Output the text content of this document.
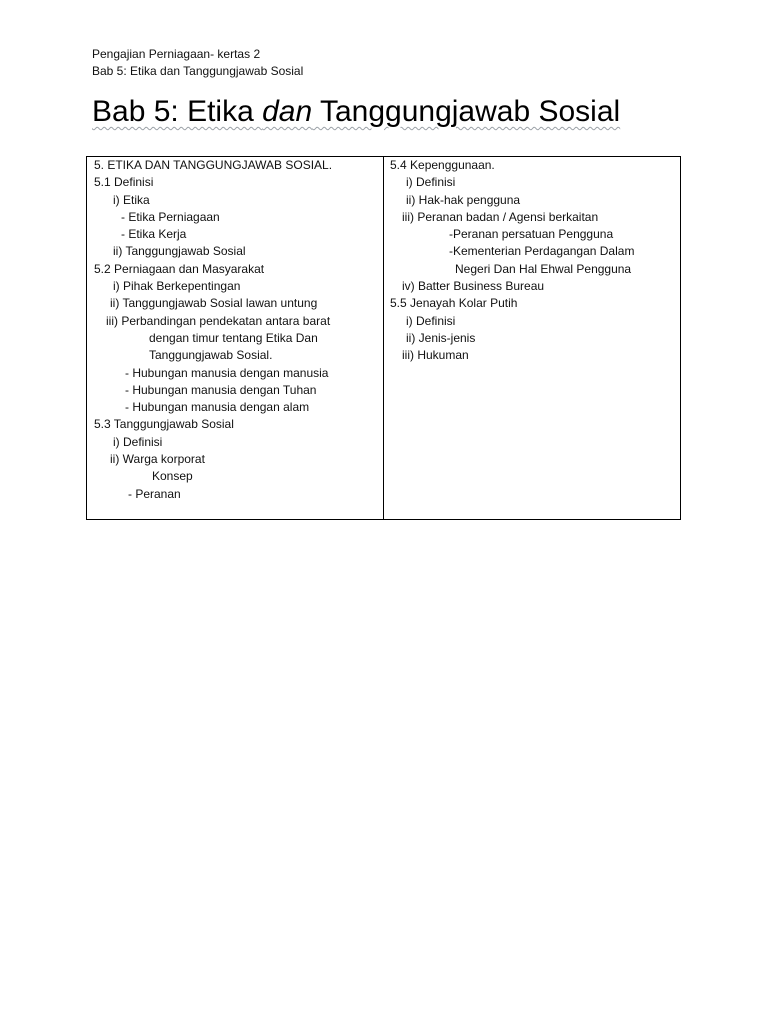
Pengajian Perniagaan- kertas 2
Bab 5: Etika dan Tanggungjawab Sosial
Bab 5: Etika dan Tanggungjawab Sosial
5. ETIKA DAN TANGGUNGJAWAB SOSIAL.
5.1 Definisi
i) Etika
- Etika Perniagaan
- Etika Kerja
ii) Tanggungjawab Sosial
5.2 Perniagaan dan Masyarakat
i) Pihak Berkepentingan
ii) Tanggungjawab Sosial lawan untung
iii) Perbandingan pendekatan antara barat
dengan timur tentang Etika Dan
Tanggungjawab Sosial.
- Hubungan manusia dengan manusia
- Hubungan manusia dengan Tuhan
- Hubungan manusia dengan alam
5.3 Tanggungjawab Sosial
i) Definisi
ii) Warga korporat
Konsep
- Peranan
5.4 Kepenggunaan.
i) Definisi
ii) Hak-hak pengguna
iii) Peranan badan / Agensi berkaitan
-Peranan persatuan Pengguna
-Kementerian Perdagangan Dalam
Negeri Dan Hal Ehwal Pengguna
iv) Batter Business Bureau
5.5 Jenayah Kolar Putih
i) Definisi
ii) Jenis-jenis
iii) Hukuman
